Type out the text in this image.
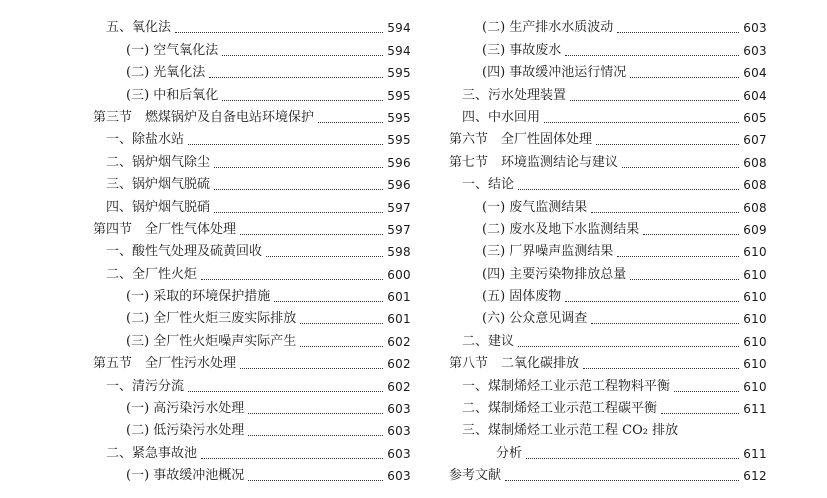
五、氧化法	594
(一) 空气氧化法	594
(二) 光氧化法	595
(三) 中和后氧化	595
第三节　燃煤锅炉及自备电站环境保护	595
一、除盐水站	595
二、锅炉烟气除尘	596
三、锅炉烟气脱硫	596
四、锅炉烟气脱硝	597
第四节　全厂性气体处理	597
一、酸性气处理及硫黄回收	598
二、全厂性火炬	600
(一) 采取的环境保护措施	601
(二) 全厂性火炬三废实际排放	601
(三) 全厂性火炬噪声实际产生	602
第五节　全厂性污水处理	602
一、清污分流	602
(一) 高污染污水处理	603
(二) 低污染污水处理	603
二、紧急事故池	603
(一) 事故缓冲池概况	603
(二) 生产排水水质波动	603
(三) 事故废水	603
(四) 事故缓冲池运行情况	604
三、污水处理装置	604
四、中水回用	605
第六节　全厂性固体处理	607
第七节　环境监测结论与建议	608
一、结论	608
(一) 废气监测结果	608
(二) 废水及地下水监测结果	609
(三) 厂界噪声监测结果	610
(四) 主要污染物排放总量	610
(五) 固体废物	610
(六) 公众意见调查	610
二、建议	610
第八节　二氧化碳排放	610
一、煤制烯烃工业示范工程物料平衡	610
二、煤制烯烃工业示范工程碳平衡	611
三、煤制烯烃工业示范工程 CO₂ 排放
分析	611
参考文献	612
